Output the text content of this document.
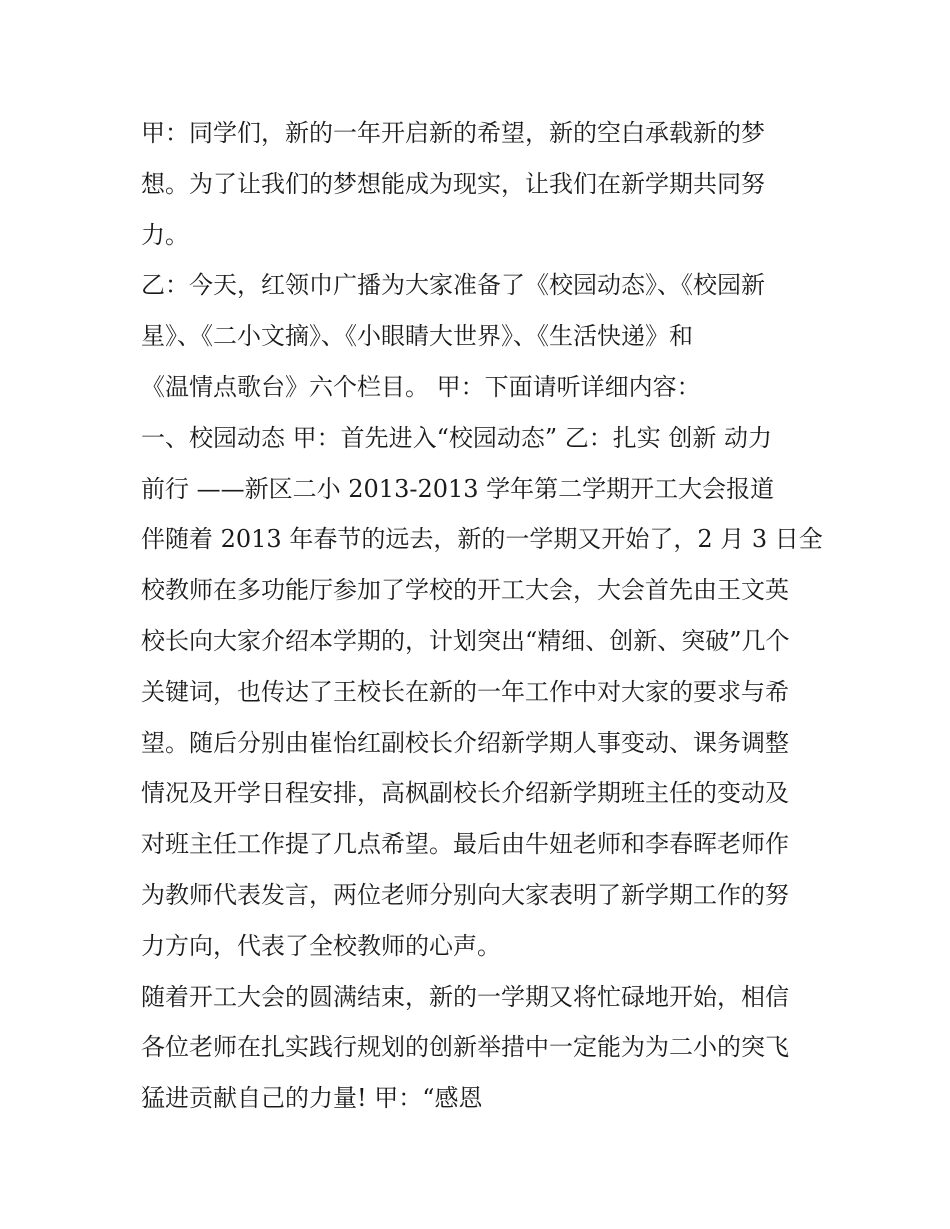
甲：同学们，新的一年开启新的希望，新的空白承载新的梦
想。为了让我们的梦想能成为现实，让我们在新学期共同努
力。
乙：今天，红领巾广播为大家准备了《校园动态》、《校园新
星》、《二小文摘》、《小眼睛大世界》、《生活快递》和
《温情点歌台》六个栏目。 甲：下面请听详细内容：
一、校园动态 甲：首先进入“校园动态” 乙：扎实 创新 动力
前行 ——新区二小 2013-2013 学年第二学期开工大会报道
伴随着 2013 年春节的远去，新的一学期又开始了，2 月 3 日全
校教师在多功能厅参加了学校的开工大会，大会首先由王文英
校长向大家介绍本学期的，计划突出“精细、创新、突破”几个
关键词，也传达了王校长在新的一年工作中对大家的要求与希
望。随后分别由崔怡红副校长介绍新学期人事变动、课务调整
情况及开学日程安排，高枫副校长介绍新学期班主任的变动及
对班主任工作提了几点希望。最后由牛妞老师和李春晖老师作
为教师代表发言，两位老师分别向大家表明了新学期工作的努
力方向，代表了全校教师的心声。
随着开工大会的圆满结束，新的一学期又将忙碌地开始，相信
各位老师在扎实践行规划的创新举措中一定能为为二小的突飞
猛进贡献自己的力量! 甲：“感恩
